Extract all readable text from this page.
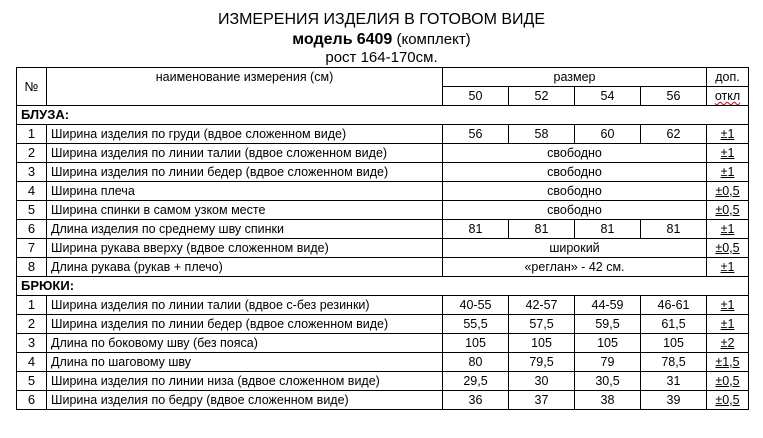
ИЗМЕРЕНИЯ ИЗДЕЛИЯ В ГОТОВОМ ВИДЕ
модель 6409 (комплект)
рост 164-170см.
№	наименование измерения (см)	размер				доп.
		50	52	54	56	откл
БЛУЗА:						
1	Ширина изделия по груди (вдвое сложенном виде)	56	58	60	62	±1
2	Ширина изделия по линии талии (вдвое сложенном виде)	свободно				±1
3	Ширина изделия по линии бедер (вдвое сложенном виде)	свободно				±1
4	Ширина плеча	свободно				±0,5
5	Ширина спинки в самом узком месте	свободно				±0,5
6	Длина изделия по среднему шву спинки	81	81	81	81	±1
7	Ширина рукава вверху (вдвое сложенном виде)	широкий				±0,5
8	Длина рукава (рукав + плечо)	«реглан» - 42 см.				±1
БРЮКИ:						
1	Ширина изделия по линии талии (вдвое с-без резинки)	40-55	42-57	44-59	46-61	±1
2	Ширина изделия по линии бедер (вдвое сложенном виде)	55,5	57,5	59,5	61,5	±1
3	Длина по боковому шву (без пояса)	105	105	105	105	±2
4	Длина по шаговому шву	80	79,5	79	78,5	±1,5
5	Ширина изделия по линии низа (вдвое сложенном виде)	29,5	30	30,5	31	±0,5
6	Ширина изделия по бедру (вдвое сложенном виде)	36	37	38	39	±0,5
